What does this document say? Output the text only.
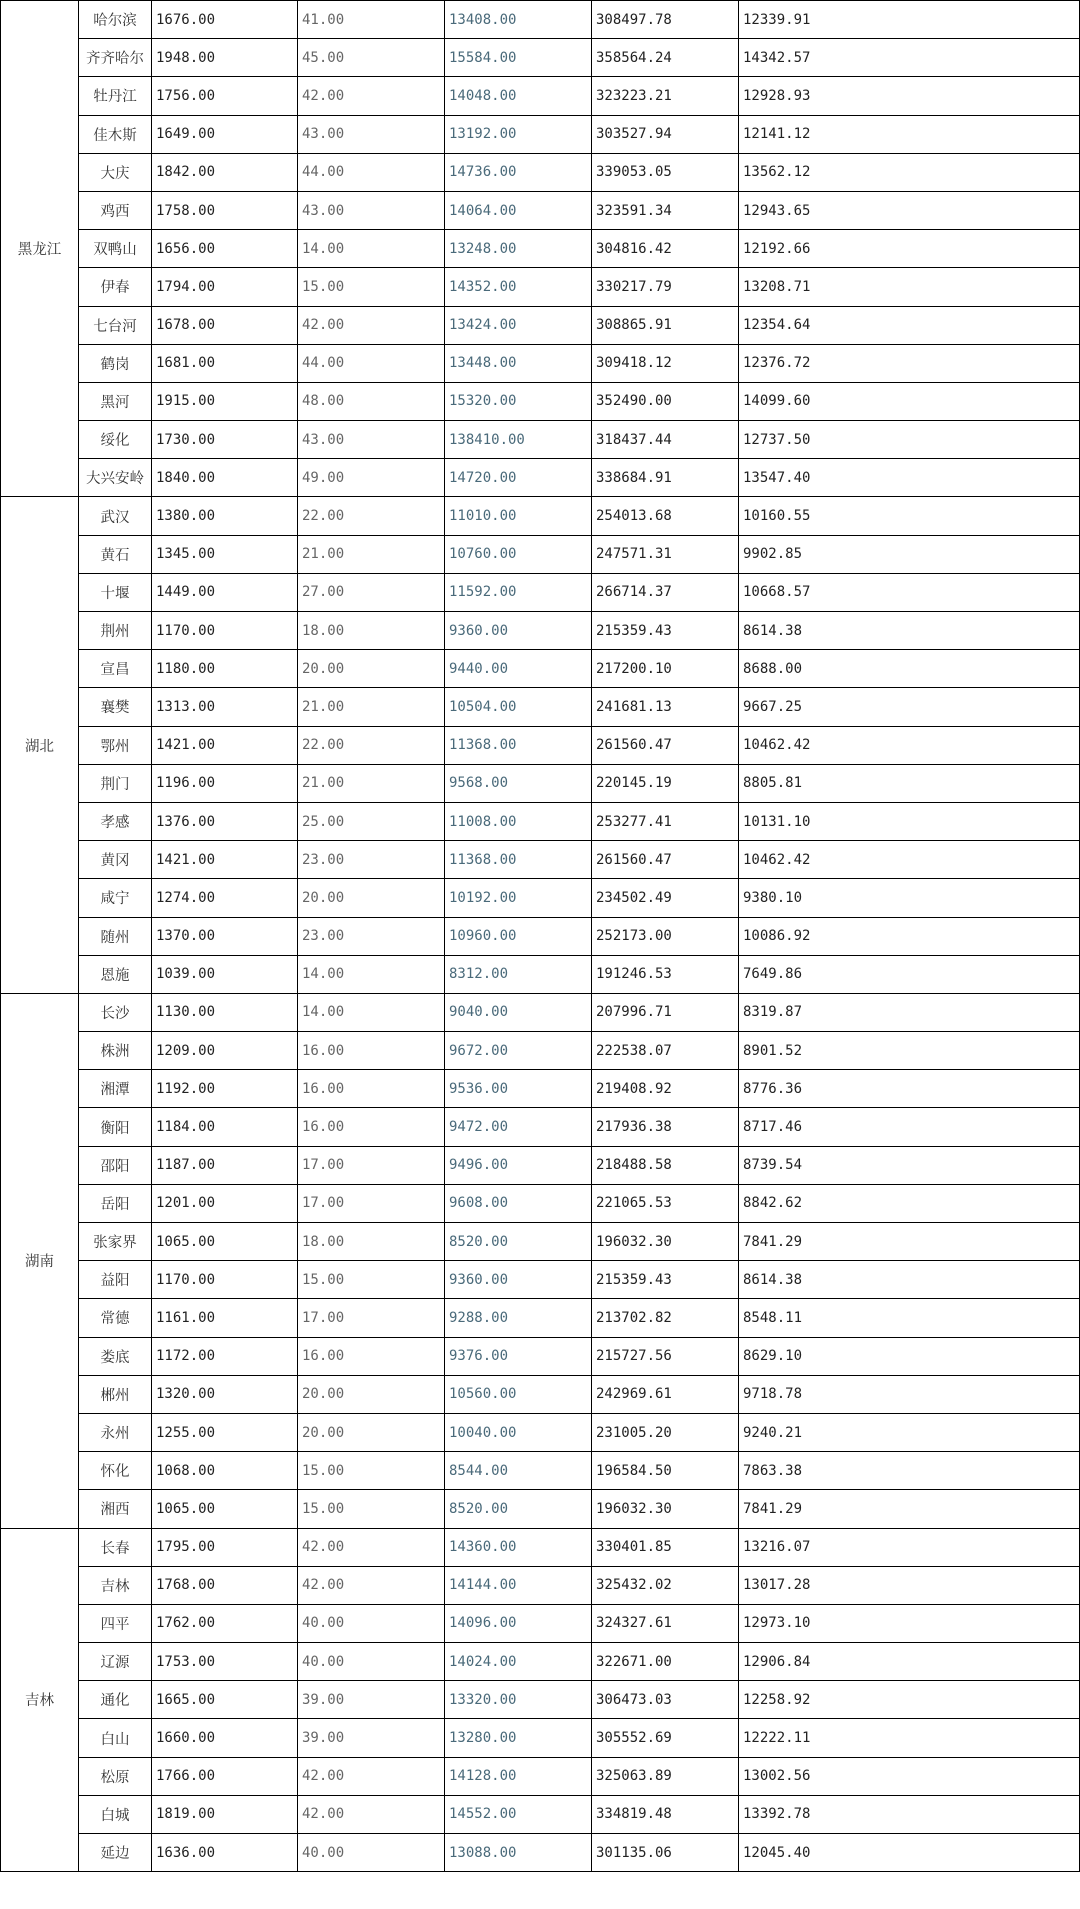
黑龙江	哈尔滨	1676.00	41.00	13408.00	308497.78	12339.91	
	齐齐哈尔	1948.00	45.00	15584.00	358564.24	14342.57	
	牡丹江	1756.00	42.00	14048.00	323223.21	12928.93	
	佳木斯	1649.00	43.00	13192.00	303527.94	12141.12	
	大庆	1842.00	44.00	14736.00	339053.05	13562.12	
	鸡西	1758.00	43.00	14064.00	323591.34	12943.65	
	双鸭山	1656.00	14.00	13248.00	304816.42	12192.66	
	伊春	1794.00	15.00	14352.00	330217.79	13208.71	
	七台河	1678.00	42.00	13424.00	308865.91	12354.64	
	鹤岗	1681.00	44.00	13448.00	309418.12	12376.72	
	黑河	1915.00	48.00	15320.00	352490.00	14099.60	
	绥化	1730.00	43.00	138410.00	318437.44	12737.50	
	大兴安岭	1840.00	49.00	14720.00	338684.91	13547.40	
湖北	武汉	1380.00	22.00	11010.00	254013.68	10160.55	
	黄石	1345.00	21.00	10760.00	247571.31	9902.85	
	十堰	1449.00	27.00	11592.00	266714.37	10668.57	
	荆州	1170.00	18.00	9360.00	215359.43	8614.38	
	宣昌	1180.00	20.00	9440.00	217200.10	8688.00	
	襄樊	1313.00	21.00	10504.00	241681.13	9667.25	
	鄂州	1421.00	22.00	11368.00	261560.47	10462.42	
	荆门	1196.00	21.00	9568.00	220145.19	8805.81	
	孝感	1376.00	25.00	11008.00	253277.41	10131.10	
	黄冈	1421.00	23.00	11368.00	261560.47	10462.42	
	咸宁	1274.00	20.00	10192.00	234502.49	9380.10	
	随州	1370.00	23.00	10960.00	252173.00	10086.92	
	恩施	1039.00	14.00	8312.00	191246.53	7649.86	
湖南	长沙	1130.00	14.00	9040.00	207996.71	8319.87	
	株洲	1209.00	16.00	9672.00	222538.07	8901.52	
	湘潭	1192.00	16.00	9536.00	219408.92	8776.36	
	衡阳	1184.00	16.00	9472.00	217936.38	8717.46	
	邵阳	1187.00	17.00	9496.00	218488.58	8739.54	
	岳阳	1201.00	17.00	9608.00	221065.53	8842.62	
	张家界	1065.00	18.00	8520.00	196032.30	7841.29	
	益阳	1170.00	15.00	9360.00	215359.43	8614.38	
	常德	1161.00	17.00	9288.00	213702.82	8548.11	
	娄底	1172.00	16.00	9376.00	215727.56	8629.10	
	郴州	1320.00	20.00	10560.00	242969.61	9718.78	
	永州	1255.00	20.00	10040.00	231005.20	9240.21	
	怀化	1068.00	15.00	8544.00	196584.50	7863.38	
	湘西	1065.00	15.00	8520.00	196032.30	7841.29	
吉林	长春	1795.00	42.00	14360.00	330401.85	13216.07	
	吉林	1768.00	42.00	14144.00	325432.02	13017.28	
	四平	1762.00	40.00	14096.00	324327.61	12973.10	
	辽源	1753.00	40.00	14024.00	322671.00	12906.84	
	通化	1665.00	39.00	13320.00	306473.03	12258.92	
	白山	1660.00	39.00	13280.00	305552.69	12222.11	
	松原	1766.00	42.00	14128.00	325063.89	13002.56	
	白城	1819.00	42.00	14552.00	334819.48	13392.78	
	延边	1636.00	40.00	13088.00	301135.06	12045.40	
